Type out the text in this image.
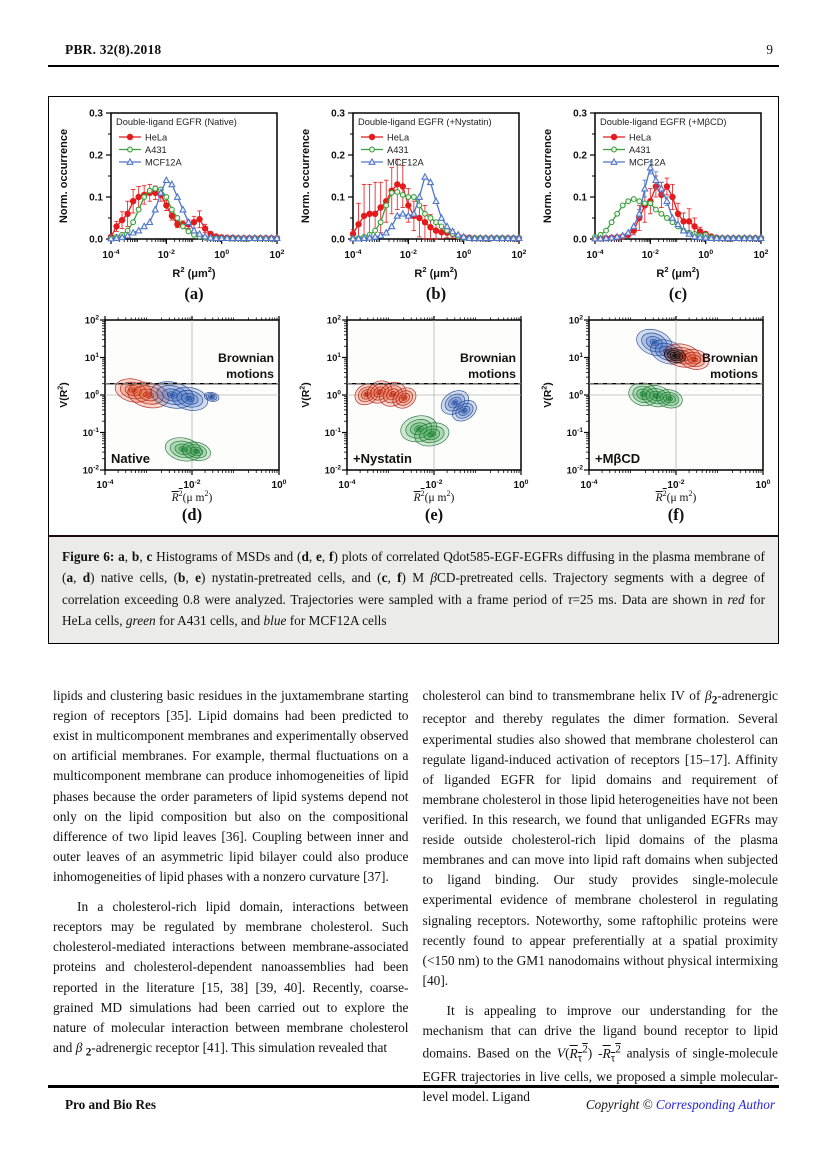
PBR. 32(8).2018	9
0.0
0.1
0.2
0.3
$10^{-4}$	$10^{-2}$	$10^0$	$10^2$
Double-ligand EGFR (Native)
HeLa
A431
MCF12A
Norm. occurrence
$R^2$ $(\mu m^2)$
(a)
0.0
0.1
0.2
0.3
$10^{-4}$	$10^{-2}$	$10^0$	$10^2$
Double-ligand EGFR (+Nystatin)
HeLa
A431
MCF12A
Norm. occurrence
$R^2$ $(\mu m^2)$
(b)
0.0
0.1
0.2
0.3
$10^{-4}$	$10^{-2}$	$10^0$	$10^2$
Double-ligand EGFR (+MβCD)
HeLa
A431
MCF12A
Norm. occurrence
$R^2$ $(\mu m^2)$
(c)
$10^{-2}$
$10^{-1}$
$10^0$
$10^1$
$10^2$
$10^{-4}$	$10^{-2}$	$10^0$
Brownian
motions
Native
$V(R^2)$
$R^2(\mu$ $m^2$)
(d)
$10^{-2}$
$10^{-1}$
$10^0$
$10^1$
$10^2$
$10^{-4}$	$10^{-2}$	$10^0$
Brownian
motions
+Nystatin
$V(R^2)$
$R^2(\mu$ $m^2$)
(e)
$10^{-2}$
$10^{-1}$
$10^0$
$10^1$
$10^2$
$10^{-4}$	$10^{-2}$	$10^0$
Brownian
motions
+MβCD
$V(R^2)$
$R^2(\mu$ $m^2$)
(f)

Figure 6: a, b, c Histograms of MSDs and (d, e, f) plots of correlated Qdot585-EGF-EGFRs diffusing in the plasma membrane of (a, d) native cells, (b, e) nystatin-pretreated cells, and (c, f) M βCD-pretreated cells. Trajectory segments with a degree of correlation exceeding 0.8 were analyzed. Trajectories were sampled with a frame period of τ=25 ms. Data are shown in red for HeLa cells, green for A431 cells, and blue for MCF12A cells

lipids and clustering basic residues in the juxtamembrane starting region of receptors [35]. Lipid domains had been predicted to exist in multicomponent membranes and experimentally observed on artificial membranes. For example, thermal fluctuations on a multicomponent membrane can produce inhomogeneities of lipid phases because the order parameters of lipid systems depend not only on the lipid composition but also on the compositional difference of two lipid leaves [36]. Coupling between inner and outer leaves of an asymmetric lipid bilayer could also produce inhomogeneities of lipid phases with a nonzero curvature [37].

In a cholesterol-rich lipid domain, interactions between receptors may be regulated by membrane cholesterol. Such cholesterol-mediated interactions between membrane-associated proteins and cholesterol-dependent nanoassemblies had been reported in the literature [15, 38] [39, 40]. Recently, coarse-grained MD simulations had been carried out to explore the nature of molecular interaction between membrane cholesterol and β $_2$-adrenergic receptor [41]. This simulation revealed that

cholesterol can bind to transmembrane helix IV of $\beta_2$-adrenergic receptor and thereby regulates the dimer formation. Several experimental studies also showed that membrane cholesterol can regulate ligand-induced activation of receptors [15–17]. Affinity of liganded EGFR for lipid domains and requirement of membrane cholesterol in those lipid heterogeneities have not been verified. In this research, we found that unliganded EGFRs may reside outside cholesterol-rich lipid domains of the plasma membranes and can move into lipid raft domains when subjected to ligand binding. Our study provides single-molecule experimental evidence of membrane cholesterol in regulating signaling receptors. Noteworthy, some raftophilic proteins were recently found to appear preferentially at a spatial proximity (<150 nm) to the GM1 nanodomains without physical intermixing [40].

It is appealing to improve our understanding for the mechanism that can drive the ligand bound receptor to lipid domains. Based on the $V(R_\tau^2)$ $-R_\tau^2$ analysis of single-molecule EGFR trajectories in live cells, we proposed a simple molecular-level model. Ligand

Pro and Bio Res	Copyright © Corresponding Author
